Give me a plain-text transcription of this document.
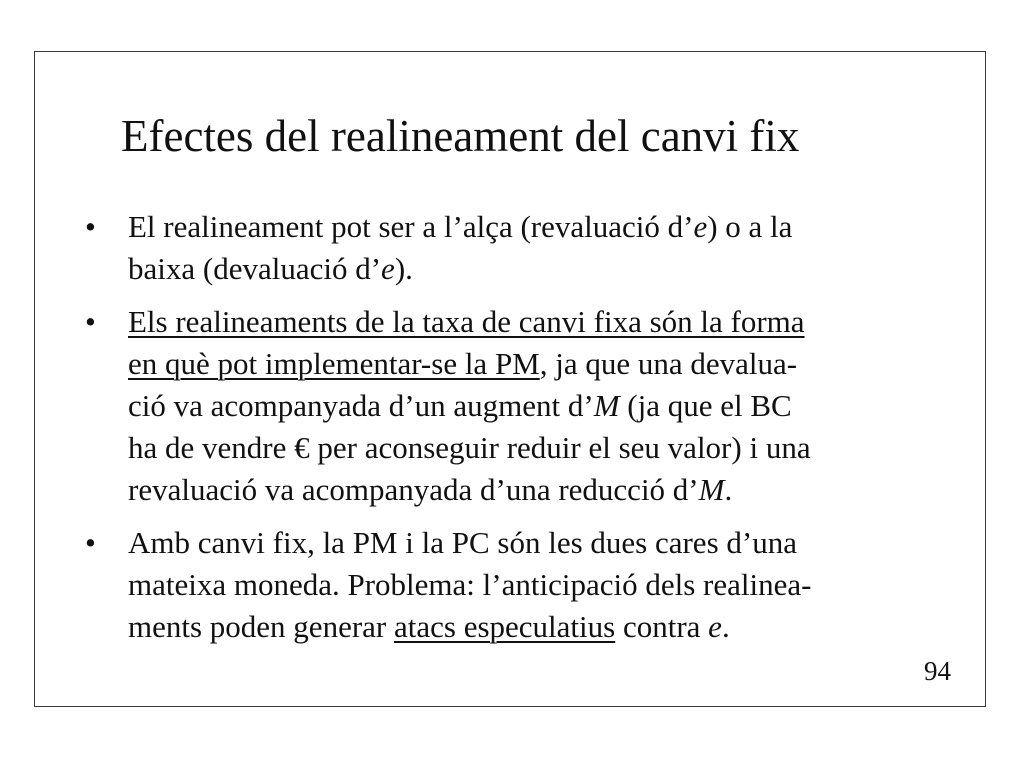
Efectes del realineament del canvi fix
• El realineament pot ser a l’alça (revaluació d’e) o a la
baixa (devaluació d’e).
• Els realineaments de la taxa de canvi fixa són la forma
en què pot implementar-se la PM, ja que una devalua-
ció va acompanyada d’un augment d’M (ja que el BC
ha de vendre € per aconseguir reduir el seu valor) i una
revaluació va acompanyada d’una reducció d’M.
• Amb canvi fix, la PM i la PC són les dues cares d’una
mateixa moneda. Problema: l’anticipació dels realinea-
ments poden generar atacs especulatius contra e.
94
